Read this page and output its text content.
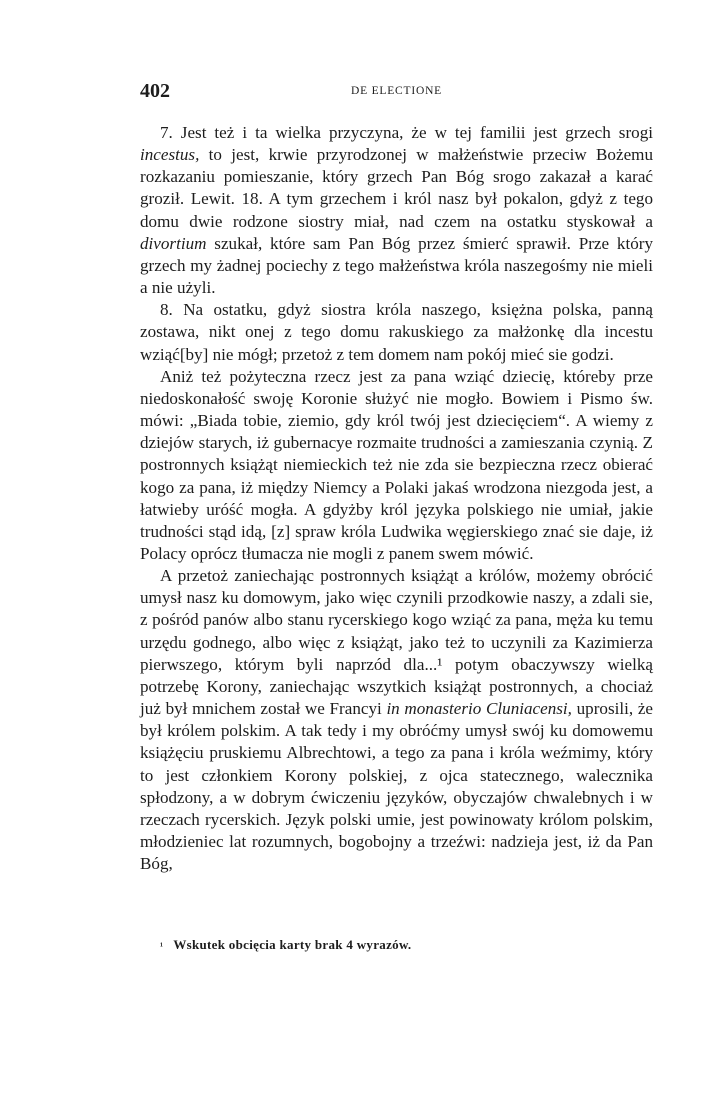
402	DE ELECTIONE

7. Jest też i ta wielka przyczyna, że w tej familii jest grzech srogi incestus, to jest, krwie przyrodzonej w małżeństwie przeciw Bożemu rozkazaniu pomieszanie, który grzech Pan Bóg srogo zakazał a karać groził. Lewit. 18. A tym grzechem i król nasz był pokalon, gdyż z tego domu dwie rodzone siostry miał, nad czem na ostatku styskował a divortium szukał, które sam Pan Bóg przez śmierć sprawił. Prze który grzech my żadnej pociechy z tego małżeństwa króla naszegośmy nie mieli a nie użyli.

8. Na ostatku, gdyż siostra króla naszego, księżna polska, panną zostawa, nikt onej z tego domu rakuskiego za małżonkę dla incestu wziąć[by] nie mógł; przetoż z tem domem nam pokój mieć sie godzi.

Aniż też pożyteczna rzecz jest za pana wziąć dziecię, któreby prze niedoskonałość swoję Koronie służyć nie mogło. Bowiem i Pismo św. mówi: „Biada tobie, ziemio, gdy król twój jest dziecięciem“. A wiemy z dziejów starych, iż gubernacye rozmaite trudności a zamieszania czynią. Z postronnych książąt niemieckich też nie zda sie bezpieczna rzecz obierać kogo za pana, iż między Niemcy a Polaki jakaś wrodzona niezgoda jest, a łatwieby uróść mogła. A gdyżby król języka polskiego nie umiał, jakie trudności stąd idą, [z] spraw króla Ludwika węgierskiego znać sie daje, iż Polacy oprócz tłumacza nie mogli z panem swem mówić.

A przetoż zaniechając postronnych książąt a królów, możemy obrócić umysł nasz ku domowym, jako więc czynili przodkowie naszy, a zdali sie, z pośród panów albo stanu rycerskiego kogo wziąć za pana, męża ku temu urzędu godnego, albo więc z książąt, jako też to uczynili za Kazimierza pierwszego, którym byli naprzód dla...¹ potym obaczywszy wielką potrzebę Korony, zaniechając wszytkich książąt postronnych, a chociaż już był mnichem został we Francyi in monasterio Cluniacensi, uprosili, że był królem polskim. A tak tedy i my obróćmy umysł swój ku domowemu książęciu pruskiemu Albrechtowi, a tego za pana i króla weźmimy, który to jest członkiem Korony polskiej, z ojca statecznego, walecznika spłodzony, a w dobrym ćwiczeniu języków, obyczajów chwalebnych i w rzeczach rycerskich. Język polski umie, jest powinowaty królom polskim, młodzieniec lat rozumnych, bogobojny a trzeźwi: nadzieja jest, iż da Pan Bóg,

¹ Wskutek obcięcia karty brak 4 wyrazów.
